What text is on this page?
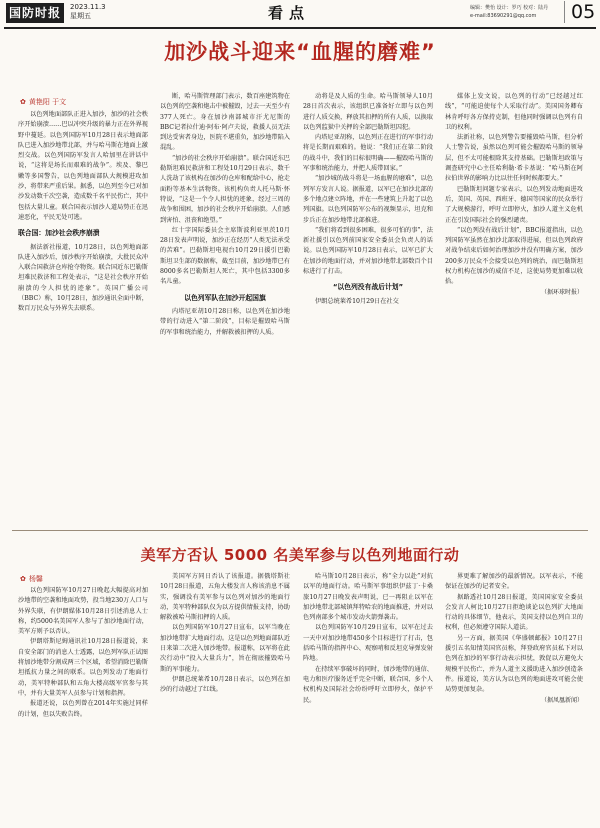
国防时报	2023.11.3
星期五	看点	编辑：樊怡 设计：罗巧 校对：陆丹
e-mail:83690291@qq.com	05
加沙战斗迎来“血腥的磨难”
✿ 黄艳阳 于文

以色列地面部队正进入加沙，加沙的社会秩序开始崩溃……巴以冲突升级的暴力正在外界视野中蔓延。以色列国防军10月28日表示地面部队已进入加沙地带北部，并与哈马斯在地面上激烈交战。以色列国防军发言人哈加里在讲话中说，“这将是场长而艰难的战争”。埃及、黎巴嫩等多国警告，以色列地面部队大规模进攻加沙，将带来严重后果。据悉，以色列至今已对加沙发动数千次空袭，造成数千名平民伤亡，其中包括大量儿童。联合国表示加沙人道局势正在迅速恶化，平民无处可逃。

联合国：加沙社会秩序崩溃

据法新社报道，10月28日，以色列地面部队进入加沙后，加沙秩序开始崩溃，大批民众冲入联合国救济仓库抢夺物资。联合国近东巴勒斯坦难民救济和工程处表示，“这是社会秩序开始崩溃的令人担忧的迹象”。英国广播公司（BBC）称，10月28日，加沙通讯全面中断，数百万民众与外界失去联系。

断，哈马斯管理部门表示，数百座建筑物在以色列的空袭和炮击中被摧毁，过去一天至少有377人死亡。身在加沙南部城市汗尤尼斯的BBC记者拉什迪·阿布·阿卢夫说，救援人员无法到达受害者身边，医院不堪重负，加沙地带陷入混乱。

“加沙的社会秩序开始崩溃”。联合国近东巴勒斯坦难民救济和工程处10月29日表示，数千人洗劫了该机构在加沙的仓库和配给中心，抢走面粉等基本生活物资。该机构负责人托马斯·怀特说，“这是一个令人担忧的迹象，经过三周的战争和围困，加沙的社会秩序开始崩溃。人们感到害怕、沮丧和绝望。”

红十字国际委员会主席斯波利亚里茨10月28日发表声明说，加沙正在经历“人类无法承受的苦难”。巴勒斯坦电视台10月29日援引巴勒斯坦卫生部的数据称，截至目前，加沙地带已有8000多名巴勒斯坦人死亡，其中包括3300多名儿童。

以色列军队在加沙开起国旗

内塔尼亚胡10月28日称，以色列在加沙地带的行动进入“第二阶段”，目标是摧毁哈马斯的军事和统治能力，并解救被扣押的人质。

动将是及人质的生命。哈马斯领导人10月28日首次表示，该组织已准备好立即与以色列进行人质交换，释放其扣押的所有人质，以换取以色列监狱中关押的全部巴勒斯坦囚犯。

内塔尼亚胡称，以色列正在进行的军事行动将是长期而艰难的。他说：“我们正在第二阶段的战斗中，我们的目标很明确——摧毁哈马斯的军事和统治能力，并把人质带回家。”

“加沙城的战斗将是一场血腥的磨难”，以色列军方发言人说。据报道，以军已在加沙北部的多个地点建立阵地，并在一些建筑上升起了以色列国旗。以色列国防军公布的视频显示，坦克和步兵正在加沙地带北部推进。

“我们将看到很多困难，很多可怕的事”，法新社援引以色列前国家安全委员会负责人的话说。以色列国防军10月28日表示，以军已扩大在加沙的地面行动，并对加沙地带北部数百个目标进行了打击。

“以色列没有战后计划”

伊朗总统莱希10月29日在社交

媒体上发文说，以色列的行动“已经越过红线”，“可能迫使每个人采取行动”。美国国务卿布林肯呼吁各方保持克制，但他同时强调以色列有自卫的权利。

法新社称，以色列警告要摧毁哈马斯，但分析人士警告说，虽然以色列可能会摧毁哈马斯的领导层，但不太可能根除其支持基础。巴勒斯坦政策与调查研究中心主任哈利勒·希卡基说：“哈马斯在阿拉伯世界的影响力比以往任何时候都要大。”

巴勒斯坦问题专家表示，以色列发动地面进攻后，美国、英国、西班牙、德国等国家的民众举行了大规模游行，呼吁立即停火，加沙人道主义危机正在引发国际社会的强烈谴责。

“以色列没有战后计划”，BBC报道指出，以色列国防军虽然在加沙北部取得进展，但以色列政府对战争结束后如何治理加沙并没有明确方案，加沙200多万民众不会接受以色列的统治，而巴勒斯坦权力机构在加沙的威信不足，这使局势更加难以收拾。

（据环球时报）

美军方否认 5000 名美军参与以色列地面行动
✿ 杨馨

以色列国防军10月27日晚起大幅提高对加沙地带的空袭和地面攻势，投当地230万人口与外界失联，有伊朗媒体10月28日引述消息人士称，约5000名美国军人参与了加沙地面行动，美军方则予以否认。

伊朗塔斯尼姆通讯社10月28日报道说，来自安全部门的消息人士透露，以色列军队正试图将加沙地带分割成两三个区域，希望消除巴勒斯坦抵抗力量之间的联系。以色列发动了地面行动，美军特种部队和五角大楼高级军官参与其中，并有大量美军人员参与计划和指挥。

报道还说，以色列曾在2014年实施过同样的计划，但以失败告终。

美国军方同日否认了该报道。据俄塔斯社10月28日报道，五角大楼发言人称该消息不属实，强调没有美军参与以色列对加沙的地面行动，美军特种部队仅为以方提供情报支持，协助解救被哈马斯扣押的人质。

以色列国防军10月27日宣布，以军当晚在加沙地带扩大地面行动。这是以色列地面部队近日来第二次进入加沙地带。报道称，以军将在此次行动中“投入大量兵力”，旨在彻底摧毁哈马斯的军事能力。

伊朗总统莱希10月28日表示，以色列在加沙的行动越过了红线。

哈马斯10月28日表示，称“全力以赴”对抗以军的地面行动。哈马斯军事组织伊兹丁·卡桑旅10月27日晚发表声明说，已一再阻止以军在加沙地带北部城镇拜特哈农的地面推进，并对以色列南部多个城市发动火箭弹袭击。

以色列国防军10月29日宣布，以军在过去一天中对加沙地带450多个目标进行了打击，包括哈马斯的指挥中心、观察哨和反坦克导弹发射阵地。

在持续军事破坏的同时，加沙地带的通信、电力和医疗服务近乎完全中断，联合国、多个人权机构及国际社会纷纷呼吁立即停火，保护平民。

界更难了解加沙的最新情况。以军表示，不能保证在加沙的记者安全。

据路透社10月28日报道，美国国家安全委员会发言人柯比10月27日拒绝谈论以色列扩大地面行动的具体细节，他表示，美国支持以色列自卫的权利，但必须遵守国际人道法。

另一方面，据美国《华盛顿邮报》10月27日援引五名知情美国官员称，拜登政府官员私下对以色列在加沙的军事行动表示担忧，敦促以方避免大规模平民伤亡，并为人道主义援助进入加沙创造条件。报道说，美方认为以色列的地面进攻可能会使局势更加复杂。

（据凤凰新闻）
